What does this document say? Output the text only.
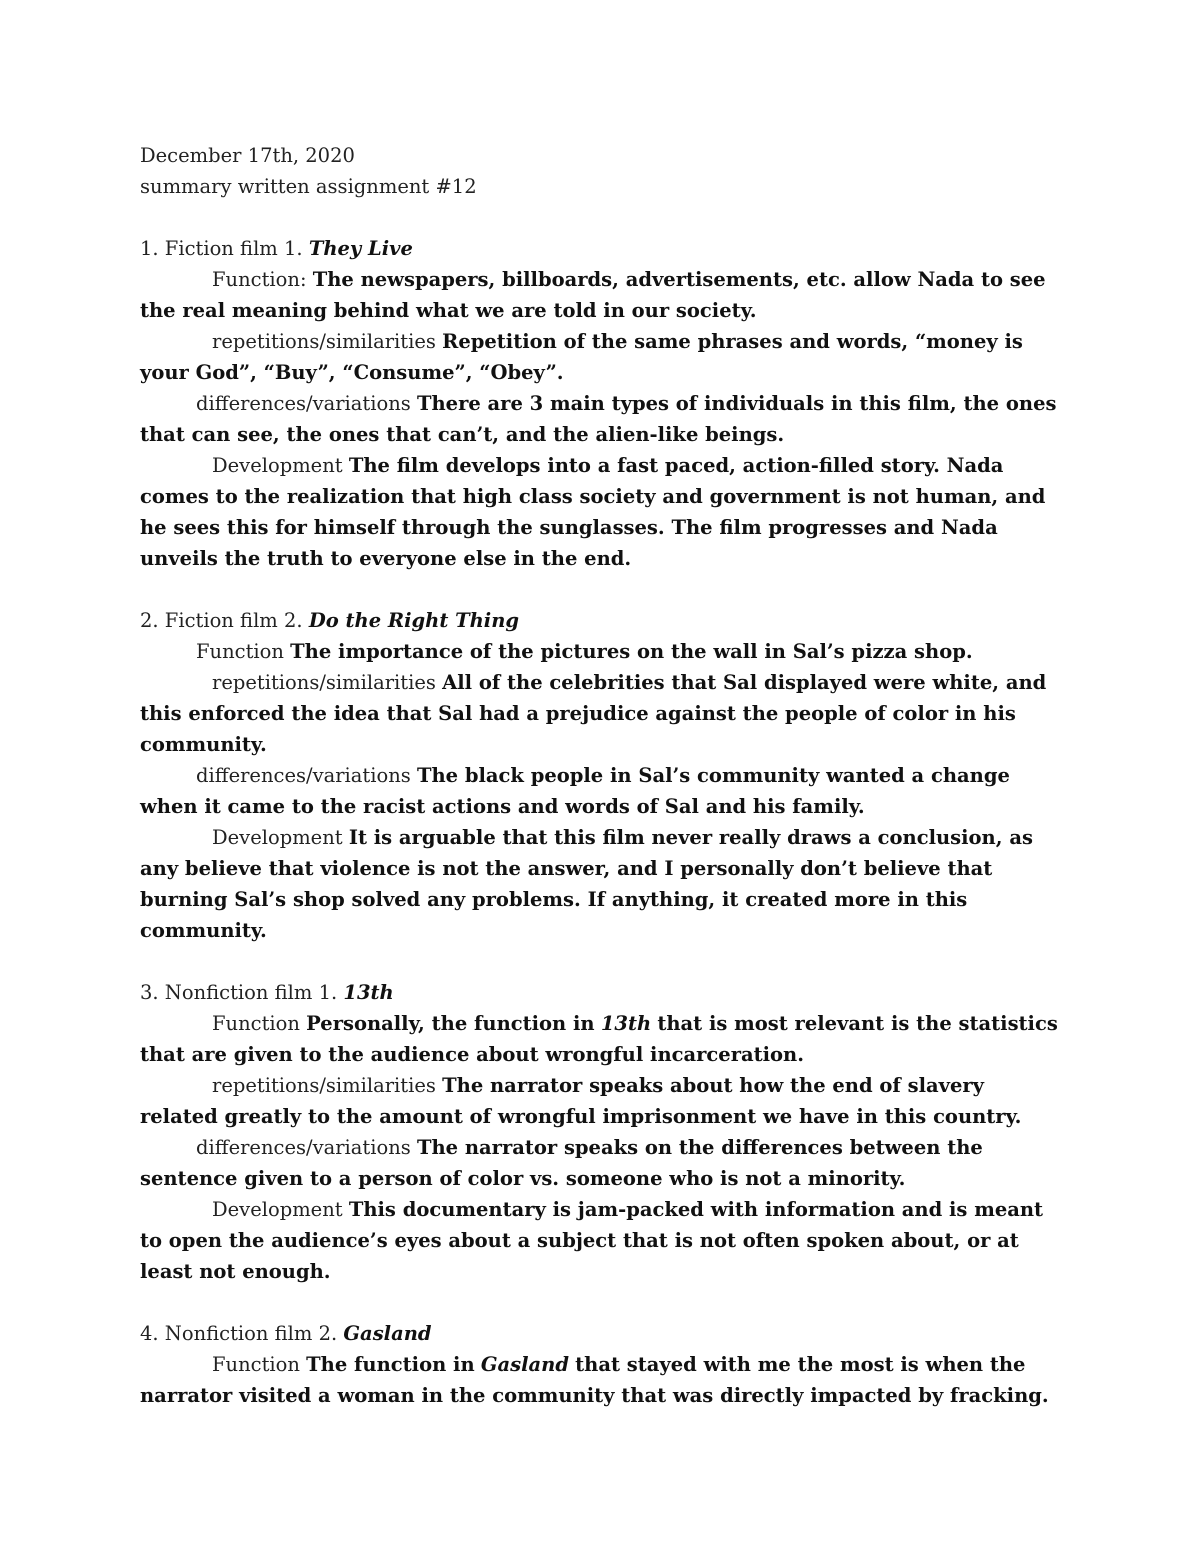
December 17th, 2020

summary written assignment #12

1. Fiction film 1. They Live

Function: The newspapers, billboards, advertisements, etc. allow Nada to see the real meaning behind what we are told in our society.

repetitions/similarities Repetition of the same phrases and words, “money is your God”, “Buy”, “Consume”, “Obey”.

differences/variations There are 3 main types of individuals in this film, the ones that can see, the ones that can’t, and the alien-like beings.

Development The film develops into a fast paced, action-filled story. Nada comes to the realization that high class society and government is not human, and he sees this for himself through the sunglasses. The film progresses and Nada unveils the truth to everyone else in the end.

2. Fiction film 2. Do the Right Thing

Function The importance of the pictures on the wall in Sal’s pizza shop.

repetitions/similarities All of the celebrities that Sal displayed were white, and this enforced the idea that Sal had a prejudice against the people of color in his community.

differences/variations The black people in Sal’s community wanted a change when it came to the racist actions and words of Sal and his family.

Development It is arguable that this film never really draws a conclusion, as any believe that violence is not the answer, and I personally don’t believe that burning Sal’s shop solved any problems. If anything, it created more in this community.

3. Nonfiction film 1. 13th

Function Personally, the function in 13th that is most relevant is the statistics that are given to the audience about wrongful incarceration.

repetitions/similarities The narrator speaks about how the end of slavery related greatly to the amount of wrongful imprisonment we have in this country.

differences/variations The narrator speaks on the differences between the sentence given to a person of color vs. someone who is not a minority.

Development This documentary is jam-packed with information and is meant to open the audience’s eyes about a subject that is not often spoken about, or at least not enough.

4. Nonfiction film 2. Gasland

Function The function in Gasland that stayed with me the most is when the narrator visited a woman in the community that was directly impacted by fracking.
